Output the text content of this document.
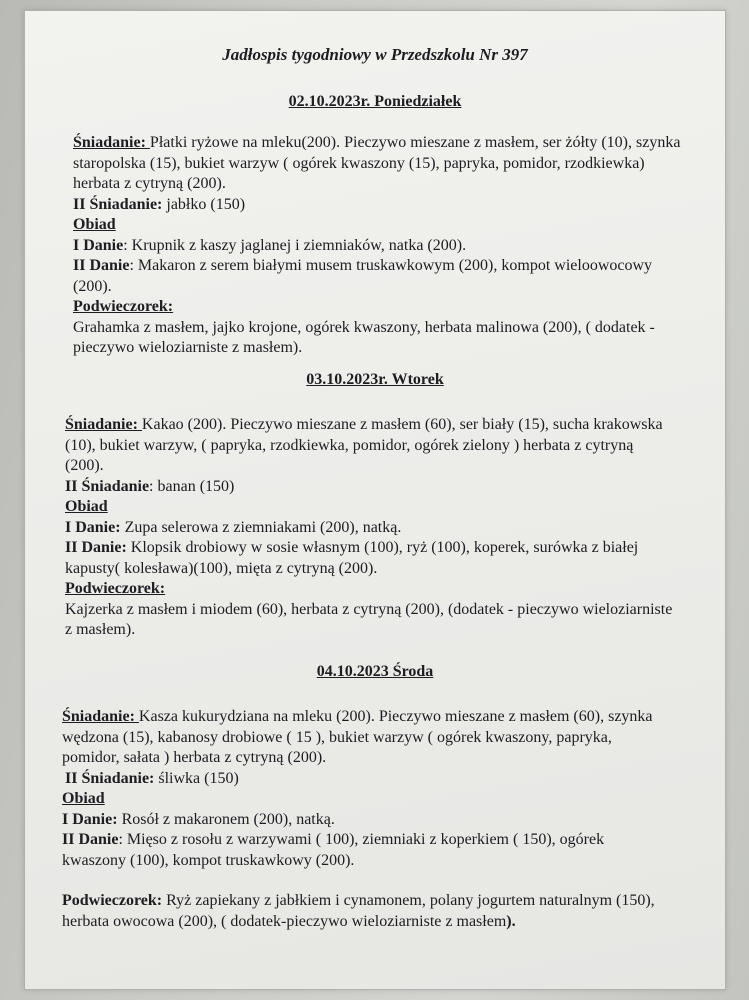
Jadłospis tygodniowy w Przedszkolu Nr 397
02.10.2023r. Poniedziałek

Śniadanie: Płatki ryżowe na mleku(200). Pieczywo mieszane z masłem, ser żółty (10), szynka staropolska (15), bukiet warzyw ( ogórek kwaszony (15), papryka, pomidor, rzodkiewka) herbata z cytryną (200).

II Śniadanie: jabłko (150)

Obiad

I Danie: Krupnik z kaszy jaglanej i ziemniaków, natka (200).

II Danie: Makaron z serem białymi musem truskawkowym (200), kompot wieloowocowy (200).

Podwieczorek:

Grahamka z masłem, jajko krojone, ogórek kwaszony, herbata malinowa (200), ( dodatek - pieczywo wieloziarniste z masłem).

03.10.2023r. Wtorek

Śniadanie: Kakao (200). Pieczywo mieszane z masłem (60), ser biały (15), sucha krakowska (10), bukiet warzyw, ( papryka, rzodkiewka, pomidor, ogórek zielony ) herbata z cytryną (200).

II Śniadanie: banan (150)

Obiad

I Danie: Zupa selerowa z ziemniakami (200), natką.

II Danie: Klopsik drobiowy w sosie własnym (100), ryż (100), koperek, surówka z białej kapusty( kolesława)(100), mięta z cytryną (200).

Podwieczorek:

Kajzerka z masłem i miodem (60), herbata z cytryną (200), (dodatek - pieczywo wieloziarniste z masłem).

04.10.2023 Środa

Śniadanie: Kasza kukurydziana na mleku (200). Pieczywo mieszane z masłem (60), szynka wędzona (15), kabanosy drobiowe ( 15 ), bukiet warzyw ( ogórek kwaszony, papryka, pomidor, sałata ) herbata z cytryną (200).

II Śniadanie: śliwka (150)

Obiad

I Danie: Rosół z makaronem (200), natką.

II Danie: Mięso z rosołu z warzywami ( 100), ziemniaki z koperkiem ( 150), ogórek kwaszony (100), kompot truskawkowy (200).

Podwieczorek: Ryż zapiekany z jabłkiem i cynamonem, polany jogurtem naturalnym (150), herbata owocowa (200), ( dodatek-pieczywo wieloziarniste z masłem).
